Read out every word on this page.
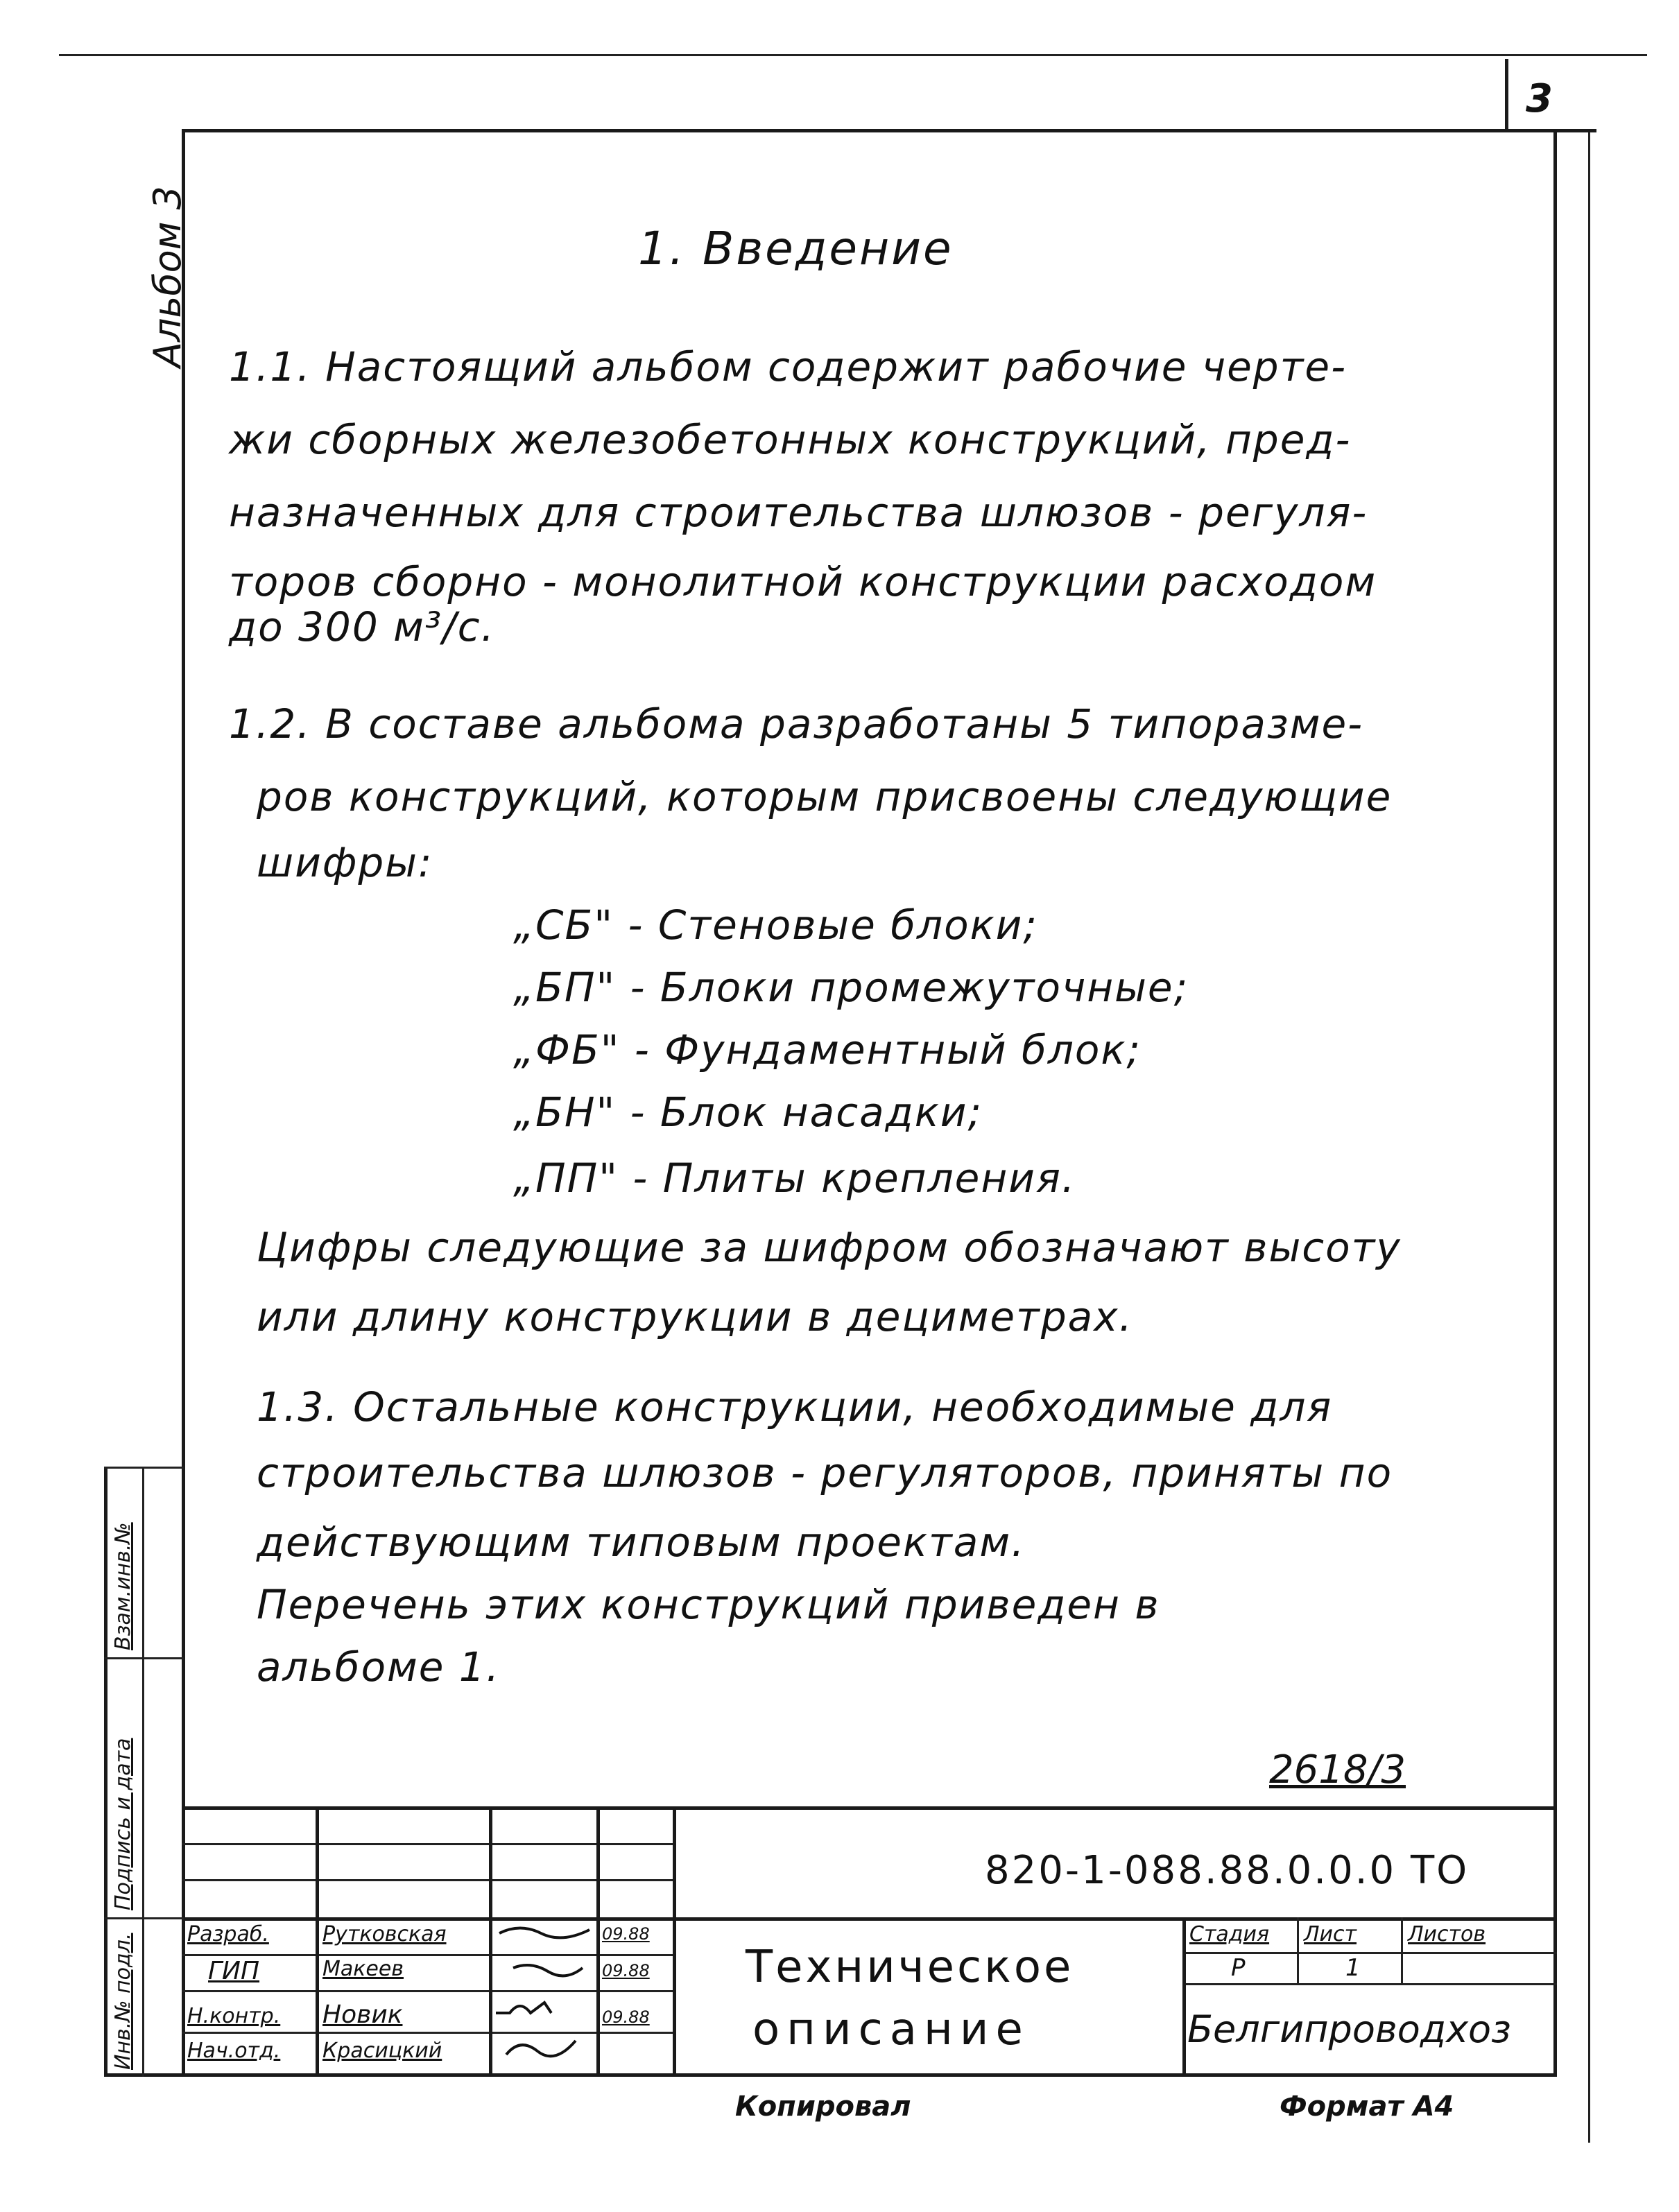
3
Альбом 3	1. Введение
1.1. Настоящий альбом содержит рабочие черте-
жи сборных железобетонных конструкций, пред-
назначенных для строительства шлюзов - регуля-
торов сборно - монолитной конструкции расходом
до 300 м³/с.
1.2. В составе альбома разработаны 5 типоразме-
ров конструкций, которым присвоены следующие
шифры:
„СБ" - Стеновые блоки;
„БП" - Блоки промежуточные;
„ФБ" - Фундаментный блок;
„БН" - Блок насадки;
„ПП" - Плиты крепления.
Цифры следующие за шифром обозначают высоту
или длину конструкции в дециметрах.
1.3. Остальные конструкции, необходимые для
строительства шлюзов - регуляторов, приняты по
действующим типовым проектам.
Перечень этих конструкций приведен в
альбоме 1.
2618/3
820-1-088.88.0.0.0 ТО
Разраб.	Рутковская	09.88
ГИП	Макеев	09.88
Н.контр. Новик	09.88
Нач.отд. Красицкий
Техническое
описание
Стадия Лист Листов
Р	1
Белгипроводхоз
Инв.№ подл.
Подпись и дата
Взам.инв.№
Копировал	Формат А4
